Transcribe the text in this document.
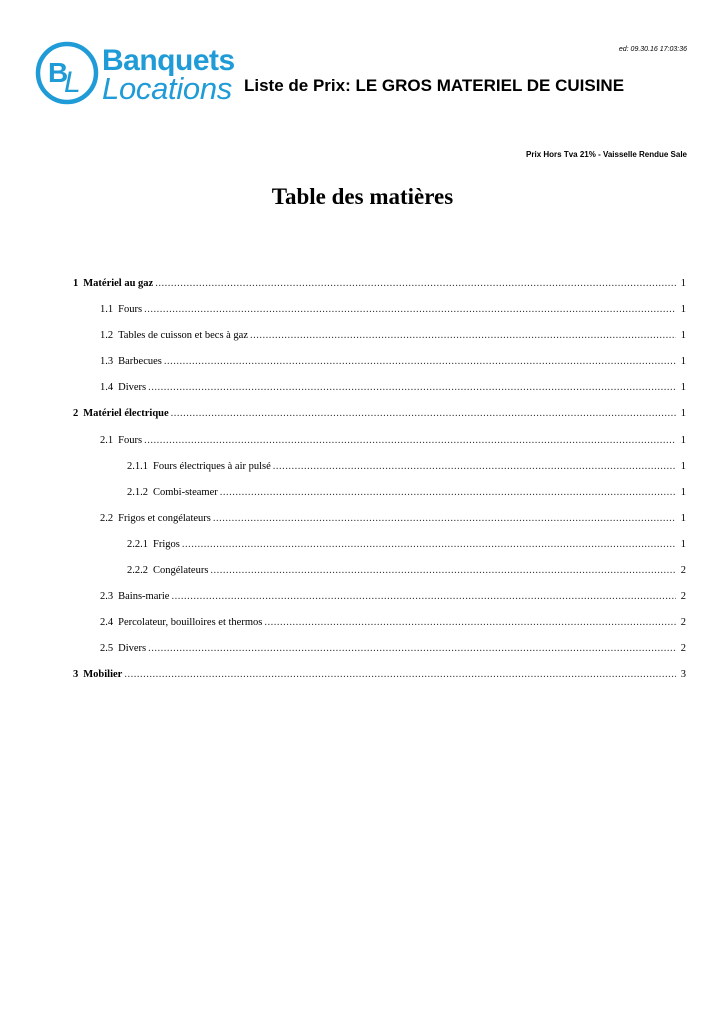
B
L
Banquets
Locations Liste de Prix: LE GROS MATERIEL DE CUISINE
ed: 09.30.16 17:03:36
Prix Hors Tva 21% - Vaisselle Rendue Sale
Table des matières
1 Matériel au gaz .....	1
1.1 Fours .....	1
1.2 Tables de cuisson et becs à gaz .....	1
1.3 Barbecues .....	1
1.4 Divers .....	1
2 Matériel électrique .....	1
2.1 Fours .....	1
2.1.1 Fours électriques à air pulsé .....	1
2.1.2 Combi-steamer .....	1
2.2 Frigos et congélateurs .....	1
2.2.1 Frigos .....	1
2.2.2 Congélateurs .....	2
2.3 Bains-marie .....	2
2.4 Percolateur, bouilloires et thermos .....	2
2.5 Divers .....	2
3 Mobilier .....	3
